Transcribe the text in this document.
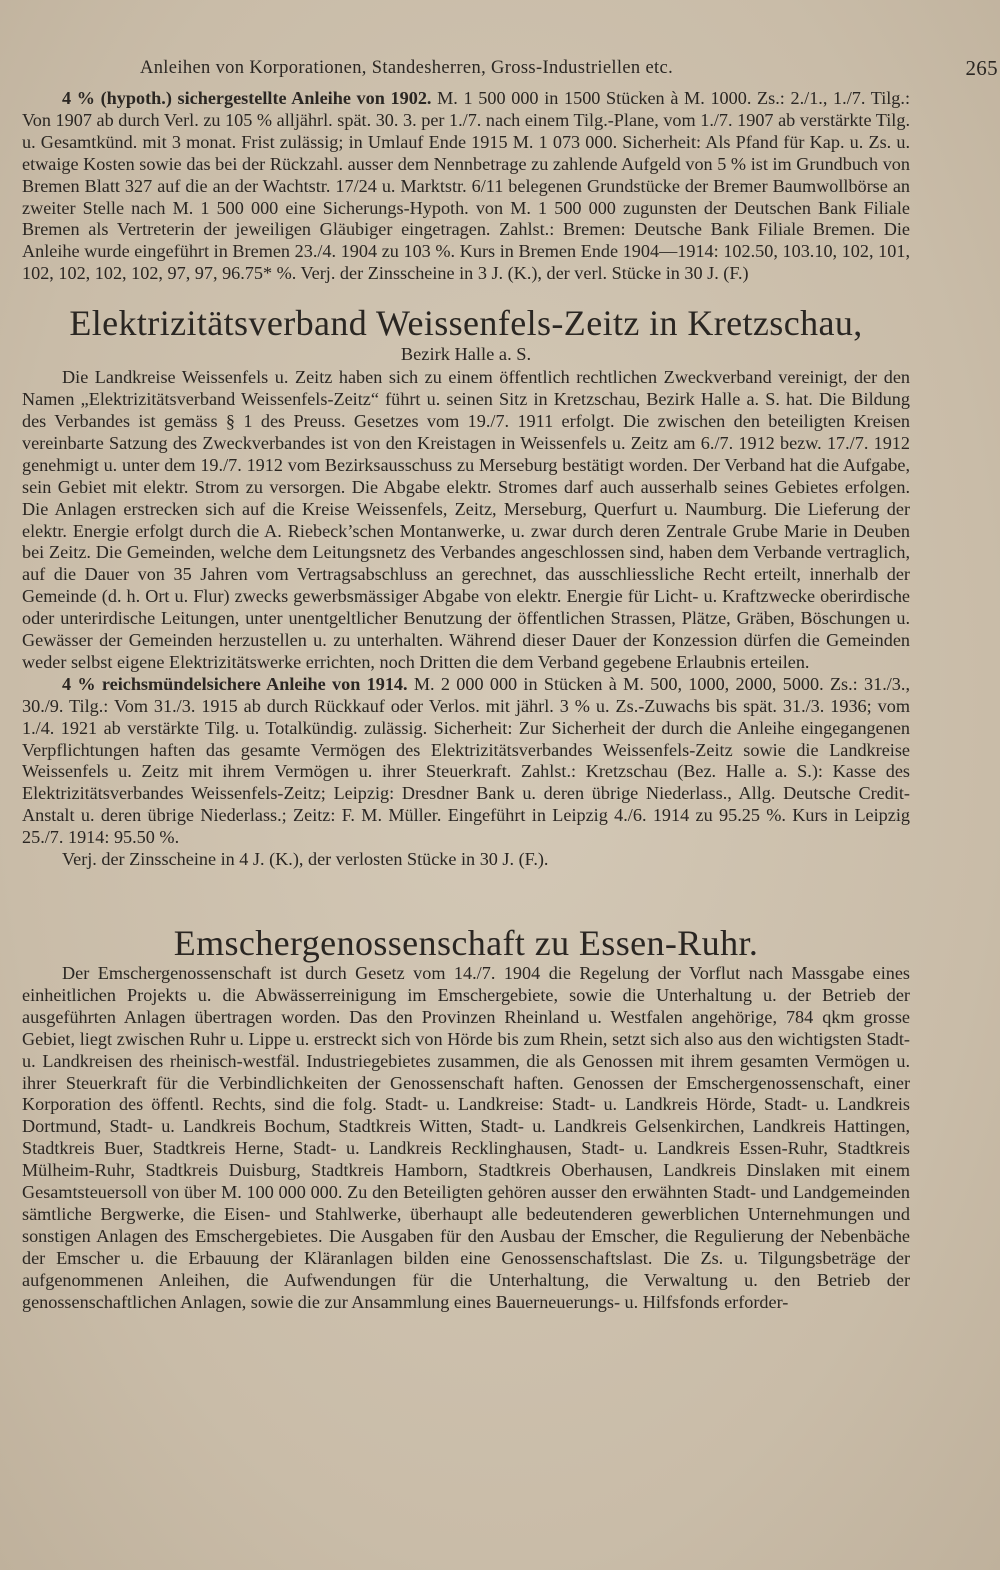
Anleihen von Korporationen, Standesherren, Gross-Industriellen etc.	265

4 % (hypoth.) sichergestellte Anleihe von 1902. M. 1 500 000 in 1500 Stücken à M. 1000. Zs.: 2./1., 1./7. Tilg.: Von 1907 ab durch Verl. zu 105 % alljährl. spät. 30. 3. per 1./7. nach einem Tilg.-Plane, vom 1./7. 1907 ab verstärkte Tilg. u. Gesamtkünd. mit 3 monat. Frist zulässig; in Umlauf Ende 1915 M. 1 073 000. Sicherheit: Als Pfand für Kap. u. Zs. u. etwaige Kosten sowie das bei der Rückzahl. ausser dem Nennbetrage zu zahlende Aufgeld von 5 % ist im Grundbuch von Bremen Blatt 327 auf die an der Wachtstr. 17/24 u. Marktstr. 6/11 belegenen Grundstücke der Bremer Baumwollbörse an zweiter Stelle nach M. 1 500 000 eine Sicherungs-Hypoth. von M. 1 500 000 zugunsten der Deutschen Bank Filiale Bremen als Vertreterin der jeweiligen Gläubiger eingetragen. Zahlst.: Bremen: Deutsche Bank Filiale Bremen. Die Anleihe wurde eingeführt in Bremen 23./4. 1904 zu 103 %. Kurs in Bremen Ende 1904—1914: 102.50, 103.10, 102, 101, 102, 102, 102, 102, 97, 97, 96.75* %. Verj. der Zinsscheine in 3 J. (K.), der verl. Stücke in 30 J. (F.)

Elektrizitätsverband Weissenfels-Zeitz in Kretzschau,
Bezirk Halle a. S.

Die Landkreise Weissenfels u. Zeitz haben sich zu einem öffentlich rechtlichen Zweckverband vereinigt, der den Namen „Elektrizitätsverband Weissenfels-Zeitz“ führt u. seinen Sitz in Kretzschau, Bezirk Halle a. S. hat. Die Bildung des Verbandes ist gemäss § 1 des Preuss. Gesetzes vom 19./7. 1911 erfolgt. Die zwischen den beteiligten Kreisen vereinbarte Satzung des Zweckverbandes ist von den Kreistagen in Weissenfels u. Zeitz am 6./7. 1912 bezw. 17./7. 1912 genehmigt u. unter dem 19./7. 1912 vom Bezirksausschuss zu Merseburg bestätigt worden. Der Verband hat die Aufgabe, sein Gebiet mit elektr. Strom zu versorgen. Die Abgabe elektr. Stromes darf auch ausserhalb seines Gebietes erfolgen. Die Anlagen erstrecken sich auf die Kreise Weissenfels, Zeitz, Merseburg, Querfurt u. Naumburg. Die Lieferung der elektr. Energie erfolgt durch die A. Riebeck’schen Montanwerke, u. zwar durch deren Zentrale Grube Marie in Deuben bei Zeitz. Die Gemeinden, welche dem Leitungsnetz des Verbandes angeschlossen sind, haben dem Verbande vertraglich, auf die Dauer von 35 Jahren vom Vertragsabschluss an gerechnet, das ausschliessliche Recht erteilt, innerhalb der Gemeinde (d. h. Ort u. Flur) zwecks gewerbsmässiger Abgabe von elektr. Energie für Licht- u. Kraftzwecke oberirdische oder unterirdische Leitungen, unter unentgeltlicher Benutzung der öffentlichen Strassen, Plätze, Gräben, Böschungen u. Gewässer der Gemeinden herzustellen u. zu unterhalten. Während dieser Dauer der Konzession dürfen die Gemeinden weder selbst eigene Elektrizitätswerke errichten, noch Dritten die dem Verband gegebene Erlaubnis erteilen.

4 % reichsmündelsichere Anleihe von 1914. M. 2 000 000 in Stücken à M. 500, 1000, 2000, 5000. Zs.: 31./3., 30./9. Tilg.: Vom 31./3. 1915 ab durch Rückkauf oder Verlos. mit jährl. 3 % u. Zs.-Zuwachs bis spät. 31./3. 1936; vom 1./4. 1921 ab verstärkte Tilg. u. Totalkündig. zulässig. Sicherheit: Zur Sicherheit der durch die Anleihe eingegangenen Verpflichtungen haften das gesamte Vermögen des Elektrizitätsverbandes Weissenfels-Zeitz sowie die Landkreise Weissenfels u. Zeitz mit ihrem Vermögen u. ihrer Steuerkraft. Zahlst.: Kretzschau (Bez. Halle a. S.): Kasse des Elektrizitätsverbandes Weissenfels-Zeitz; Leipzig: Dresdner Bank u. deren übrige Niederlass., Allg. Deutsche Credit-Anstalt u. deren übrige Niederlass.; Zeitz: F. M. Müller. Eingeführt in Leipzig 4./6. 1914 zu 95.25 %. Kurs in Leipzig 25./7. 1914: 95.50 %.

Verj. der Zinsscheine in 4 J. (K.), der verlosten Stücke in 30 J. (F.).

Emschergenossenschaft zu Essen-Ruhr.

Der Emschergenossenschaft ist durch Gesetz vom 14./7. 1904 die Regelung der Vorflut nach Massgabe eines einheitlichen Projekts u. die Abwässerreinigung im Emschergebiete, sowie die Unterhaltung u. der Betrieb der ausgeführten Anlagen übertragen worden. Das den Provinzen Rheinland u. Westfalen angehörige, 784 qkm grosse Gebiet, liegt zwischen Ruhr u. Lippe u. erstreckt sich von Hörde bis zum Rhein, setzt sich also aus den wichtigsten Stadt- u. Landkreisen des rheinisch-westfäl. Industriegebietes zusammen, die als Genossen mit ihrem gesamten Vermögen u. ihrer Steuerkraft für die Verbindlichkeiten der Genossenschaft haften. Genossen der Emschergenossenschaft, einer Korporation des öffentl. Rechts, sind die folg. Stadt- u. Landkreise: Stadt- u. Landkreis Hörde, Stadt- u. Landkreis Dortmund, Stadt- u. Landkreis Bochum, Stadtkreis Witten, Stadt- u. Landkreis Gelsenkirchen, Landkreis Hattingen, Stadtkreis Buer, Stadtkreis Herne, Stadt- u. Landkreis Recklinghausen, Stadt- u. Landkreis Essen-Ruhr, Stadtkreis Mülheim-Ruhr, Stadtkreis Duisburg, Stadtkreis Hamborn, Stadtkreis Oberhausen, Landkreis Dinslaken mit einem Gesamtsteuersoll von über M. 100 000 000. Zu den Beteiligten gehören ausser den erwähnten Stadt- und Landgemeinden sämtliche Bergwerke, die Eisen- und Stahlwerke, überhaupt alle bedeutenderen gewerblichen Unternehmungen und sonstigen Anlagen des Emschergebietes. Die Ausgaben für den Ausbau der Emscher, die Regulierung der Nebenbäche der Emscher u. die Erbauung der Kläranlagen bilden eine Genossenschaftslast. Die Zs. u. Tilgungsbeträge der aufgenommenen Anleihen, die Aufwendungen für die Unterhaltung, die Verwaltung u. den Betrieb der genossenschaftlichen Anlagen, sowie die zur Ansammlung eines Bauerneuerungs- u. Hilfsfonds erforder-
